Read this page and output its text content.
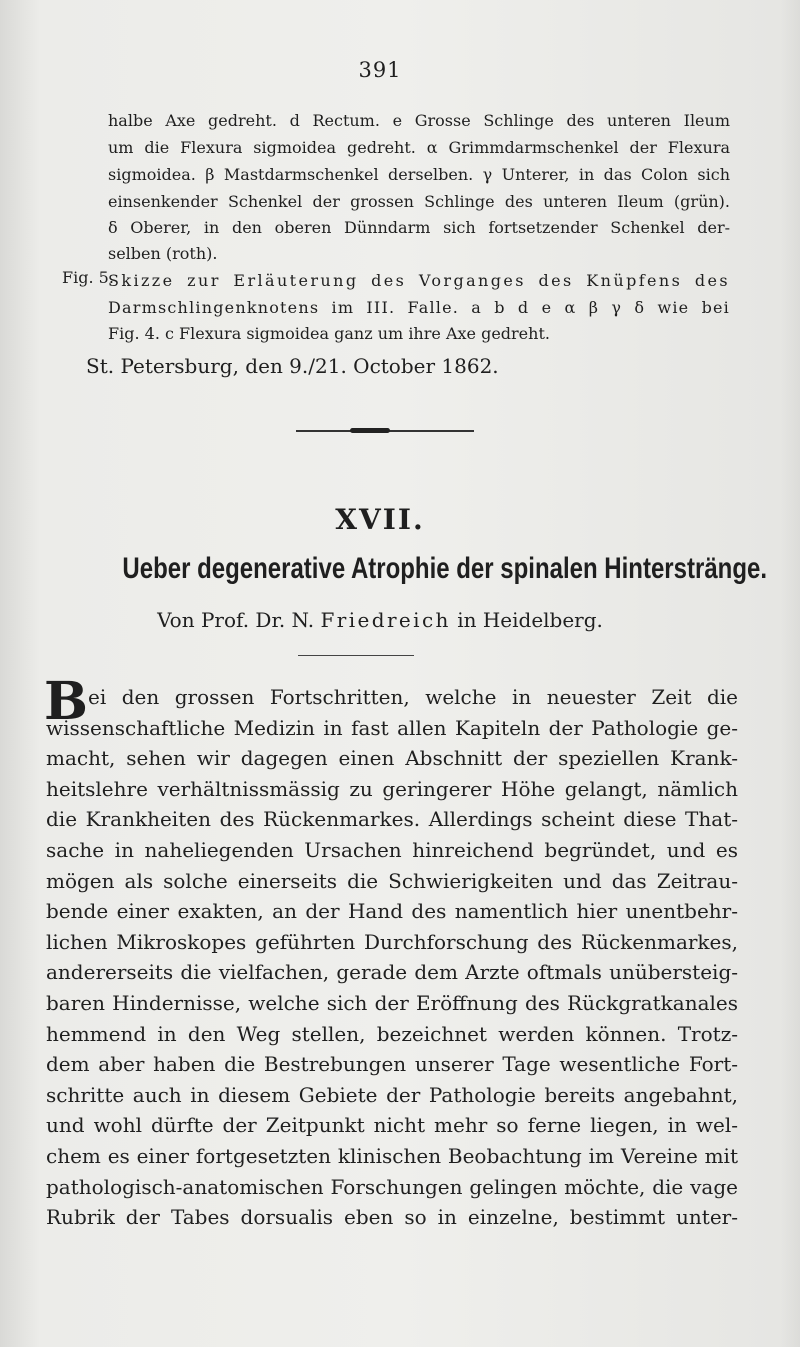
391
halbe Axe gedreht. d Rectum. e Grosse Schlinge des unteren Ileum
um die Flexura sigmoidea gedreht. α Grimmdarmschenkel der Flexura
sigmoidea. β Mastdarmschenkel derselben. γ Unterer, in das Colon sich
einsenkender Schenkel der grossen Schlinge des unteren Ileum (grün).
δ Oberer, in den oberen Dünndarm sich fortsetzender Schenkel der-
selben (roth).
Fig. 5.
Skizze zur Erläuterung des Vorganges des Knüpfens des
Darmschlingenknotens im III. Falle. a b d e α β γ δ wie bei
Fig. 4. c Flexura sigmoidea ganz um ihre Axe gedreht.
St. Petersburg, den 9./21. October 1862.
XVII.
Ueber degenerative Atrophie der spinalen Hinterstränge.
Von Prof. Dr. N. Friedreich in Heidelberg.
B ei den grossen Fortschritten, welche in neuester Zeit die
wissenschaftliche Medizin in fast allen Kapiteln der Pathologie ge-
macht, sehen wir dagegen einen Abschnitt der speziellen Krank-
heitslehre verhältnissmässig zu geringerer Höhe gelangt, nämlich
die Krankheiten des Rückenmarkes. Allerdings scheint diese That-
sache in naheliegenden Ursachen hinreichend begründet, und es
mögen als solche einerseits die Schwierigkeiten und das Zeitrau-
bende einer exakten, an der Hand des namentlich hier unentbehr-
lichen Mikroskopes geführten Durchforschung des Rückenmarkes,
andererseits die vielfachen, gerade dem Arzte oftmals unübersteig-
baren Hindernisse, welche sich der Eröffnung des Rückgratkanales
hemmend in den Weg stellen, bezeichnet werden können. Trotz-
dem aber haben die Bestrebungen unserer Tage wesentliche Fort-
schritte auch in diesem Gebiete der Pathologie bereits angebahnt,
und wohl dürfte der Zeitpunkt nicht mehr so ferne liegen, in wel-
chem es einer fortgesetzten klinischen Beobachtung im Vereine mit
pathologisch-anatomischen Forschungen gelingen möchte, die vage
Rubrik der Tabes dorsualis eben so in einzelne, bestimmt unter-
